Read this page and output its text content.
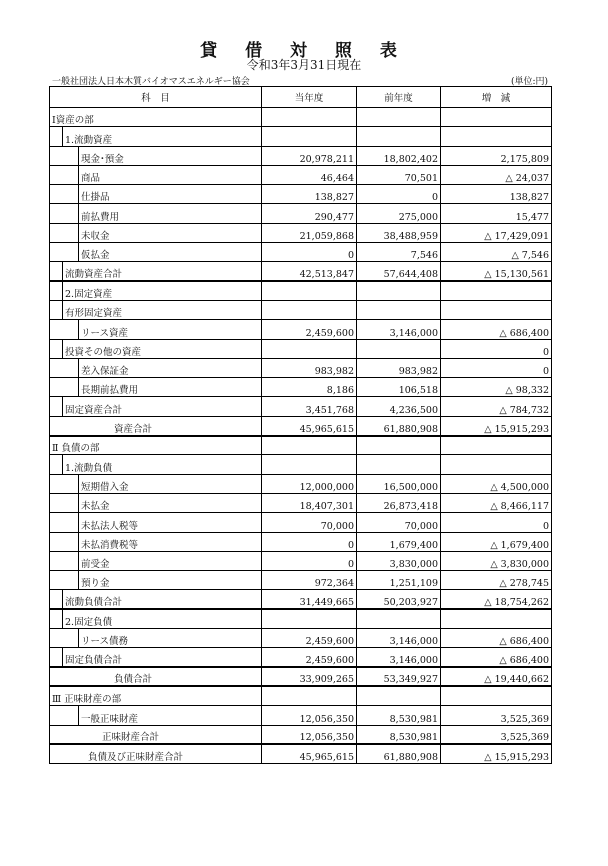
貸 借 対 照 表
令和3年3月31日現在
一般社団法人日本木質バイオマスエネルギー協会	(単位:円)
科　目	当年度	前年度	増　減

Ⅰ資産の部			

1.流動資産			

現金･預金	20,978,211	18,802,402	2,175,809

商品	46,464	70,501	△ 24,037

仕掛品	138,827	0	138,827

前払費用	290,477	275,000	15,477

未収金	21,059,868	38,488,959	△ 17,429,091

仮払金	0	7,546	△ 7,546

流動資産合計	42,513,847	57,644,408	△ 15,130,561

2.固定資産			

有形固定資産			

リース資産	2,459,600	3,146,000	△ 686,400

投資その他の資産			0

差入保証金	983,982	983,982	0

長期前払費用	8,186	106,518	△ 98,332

固定資産合計	3,451,768	4,236,500	△ 784,732

資産合計	45,965,615	61,880,908	△ 15,915,293

Ⅱ 負債の部			

1.流動負債			

短期借入金	12,000,000	16,500,000	△ 4,500,000

未払金	18,407,301	26,873,418	△ 8,466,117

未払法人税等	70,000	70,000	0

未払消費税等	0	1,679,400	△ 1,679,400

前受金	0	3,830,000	△ 3,830,000

預り金	972,364	1,251,109	△ 278,745

流動負債合計	31,449,665	50,203,927	△ 18,754,262

2.固定負債			

リース債務	2,459,600	3,146,000	△ 686,400

固定負債合計	2,459,600	3,146,000	△ 686,400

負債合計	33,909,265	53,349,927	△ 19,440,662

Ⅲ 正味財産の部			

一般正味財産	12,056,350	8,530,981	3,525,369

正味財産合計	12,056,350	8,530,981	3,525,369

負債及び正味財産合計	45,965,615	61,880,908	△ 15,915,293
